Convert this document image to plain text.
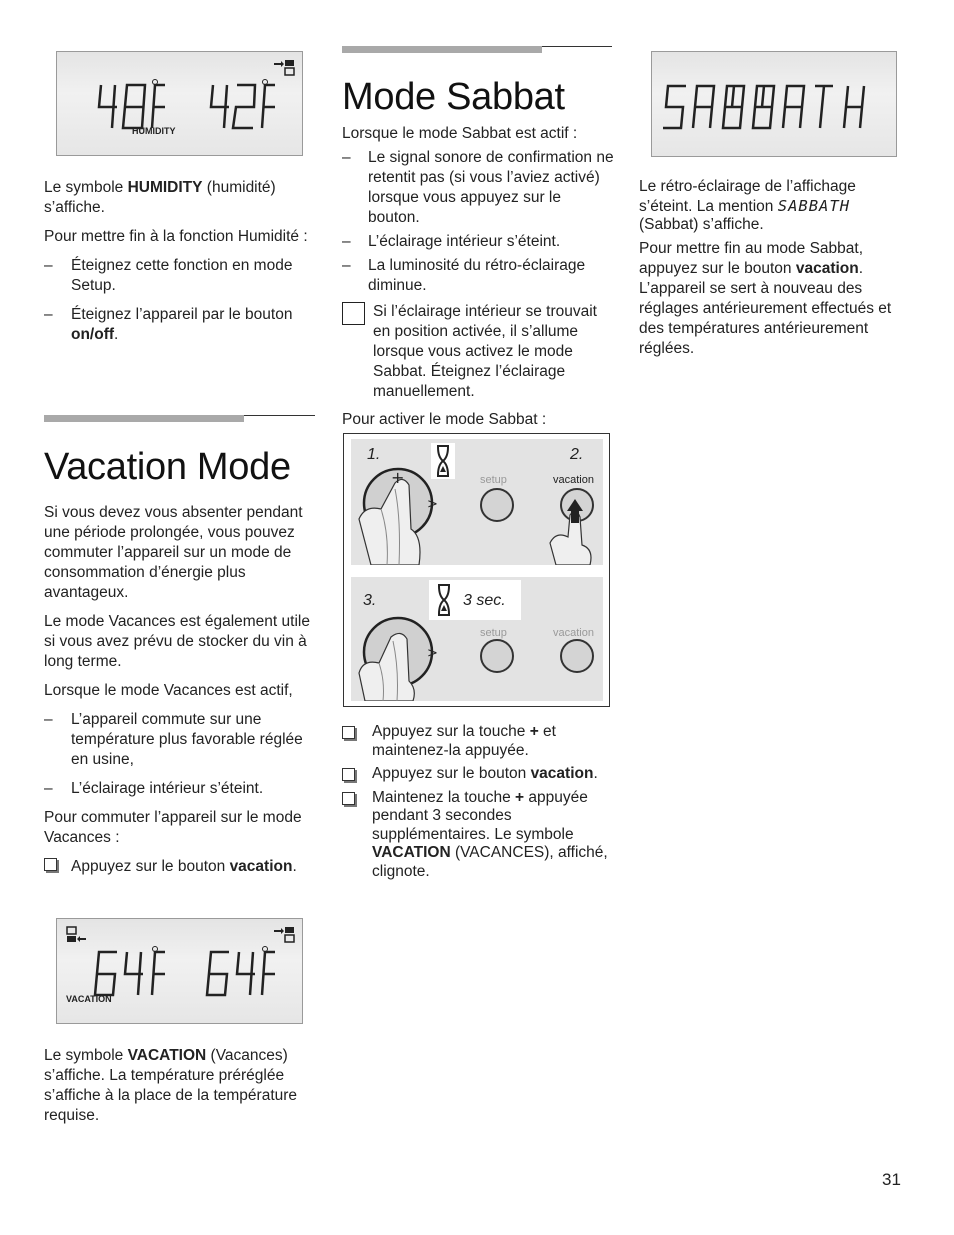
HUMIDITY

Le symbole HUMIDITY (humidité) s’affiche.

Pour mettre fin à la fonction Humidité :

– Éteignez cette fonction en mode Setup.
– Éteignez l’appareil par le bouton on/off.
Vacation Mode

Si vous devez vous absenter pendant une période prolongée, vous pouvez commuter l’appareil sur un mode de consommation d’énergie plus avantageux.

Le mode Vacances est également utile si vous avez prévu de stocker du vin à long terme.

Lorsque le mode Vacances est actif,

– L’appareil commute sur une température plus favorable réglée en usine,
– L’éclairage intérieur s’éteint.

Pour commuter l’appareil sur le mode Vacances :

Appuyez sur le bouton vacation.
VACATION

Le symbole VACATION (Vacances) s’affiche. La température préréglée s’affiche à la place de la température requise.

Mode Sabbat

Lorsque le mode Sabbat est actif :

– Le signal sonore de confirmation ne retentit pas (si vous l’aviez activé) lorsque vous appuyez sur le bouton.
– L’éclairage intérieur s’éteint.
– La luminosité du rétro-éclairage diminue.
Si l’éclairage intérieur se trouvait en position activée, il s’allume lorsque vous activez le mode Sabbat. Éteignez l’éclairage manuellement.

Pour activer le mode Sabbat :

1.	2.
setup	vacation
+
>
3.	3 sec.
setup	vacation
>
Appuyez sur la touche + et maintenez-la appuyée.
Appuyez sur le bouton vacation.
Maintenez la touche + appuyée pendant 3 secondes supplémentaires. Le symbole VACATION (VACANCES), affiché, clignote.

Le rétro-éclairage de l’affichage s’éteint. La mention SABBATH (Sabbat) s’affiche.

Pour mettre fin au mode Sabbat, appuyez sur le bouton vacation. L’appareil se sert à nouveau des réglages antérieurement effectués et des températures antérieurement réglées.

31
